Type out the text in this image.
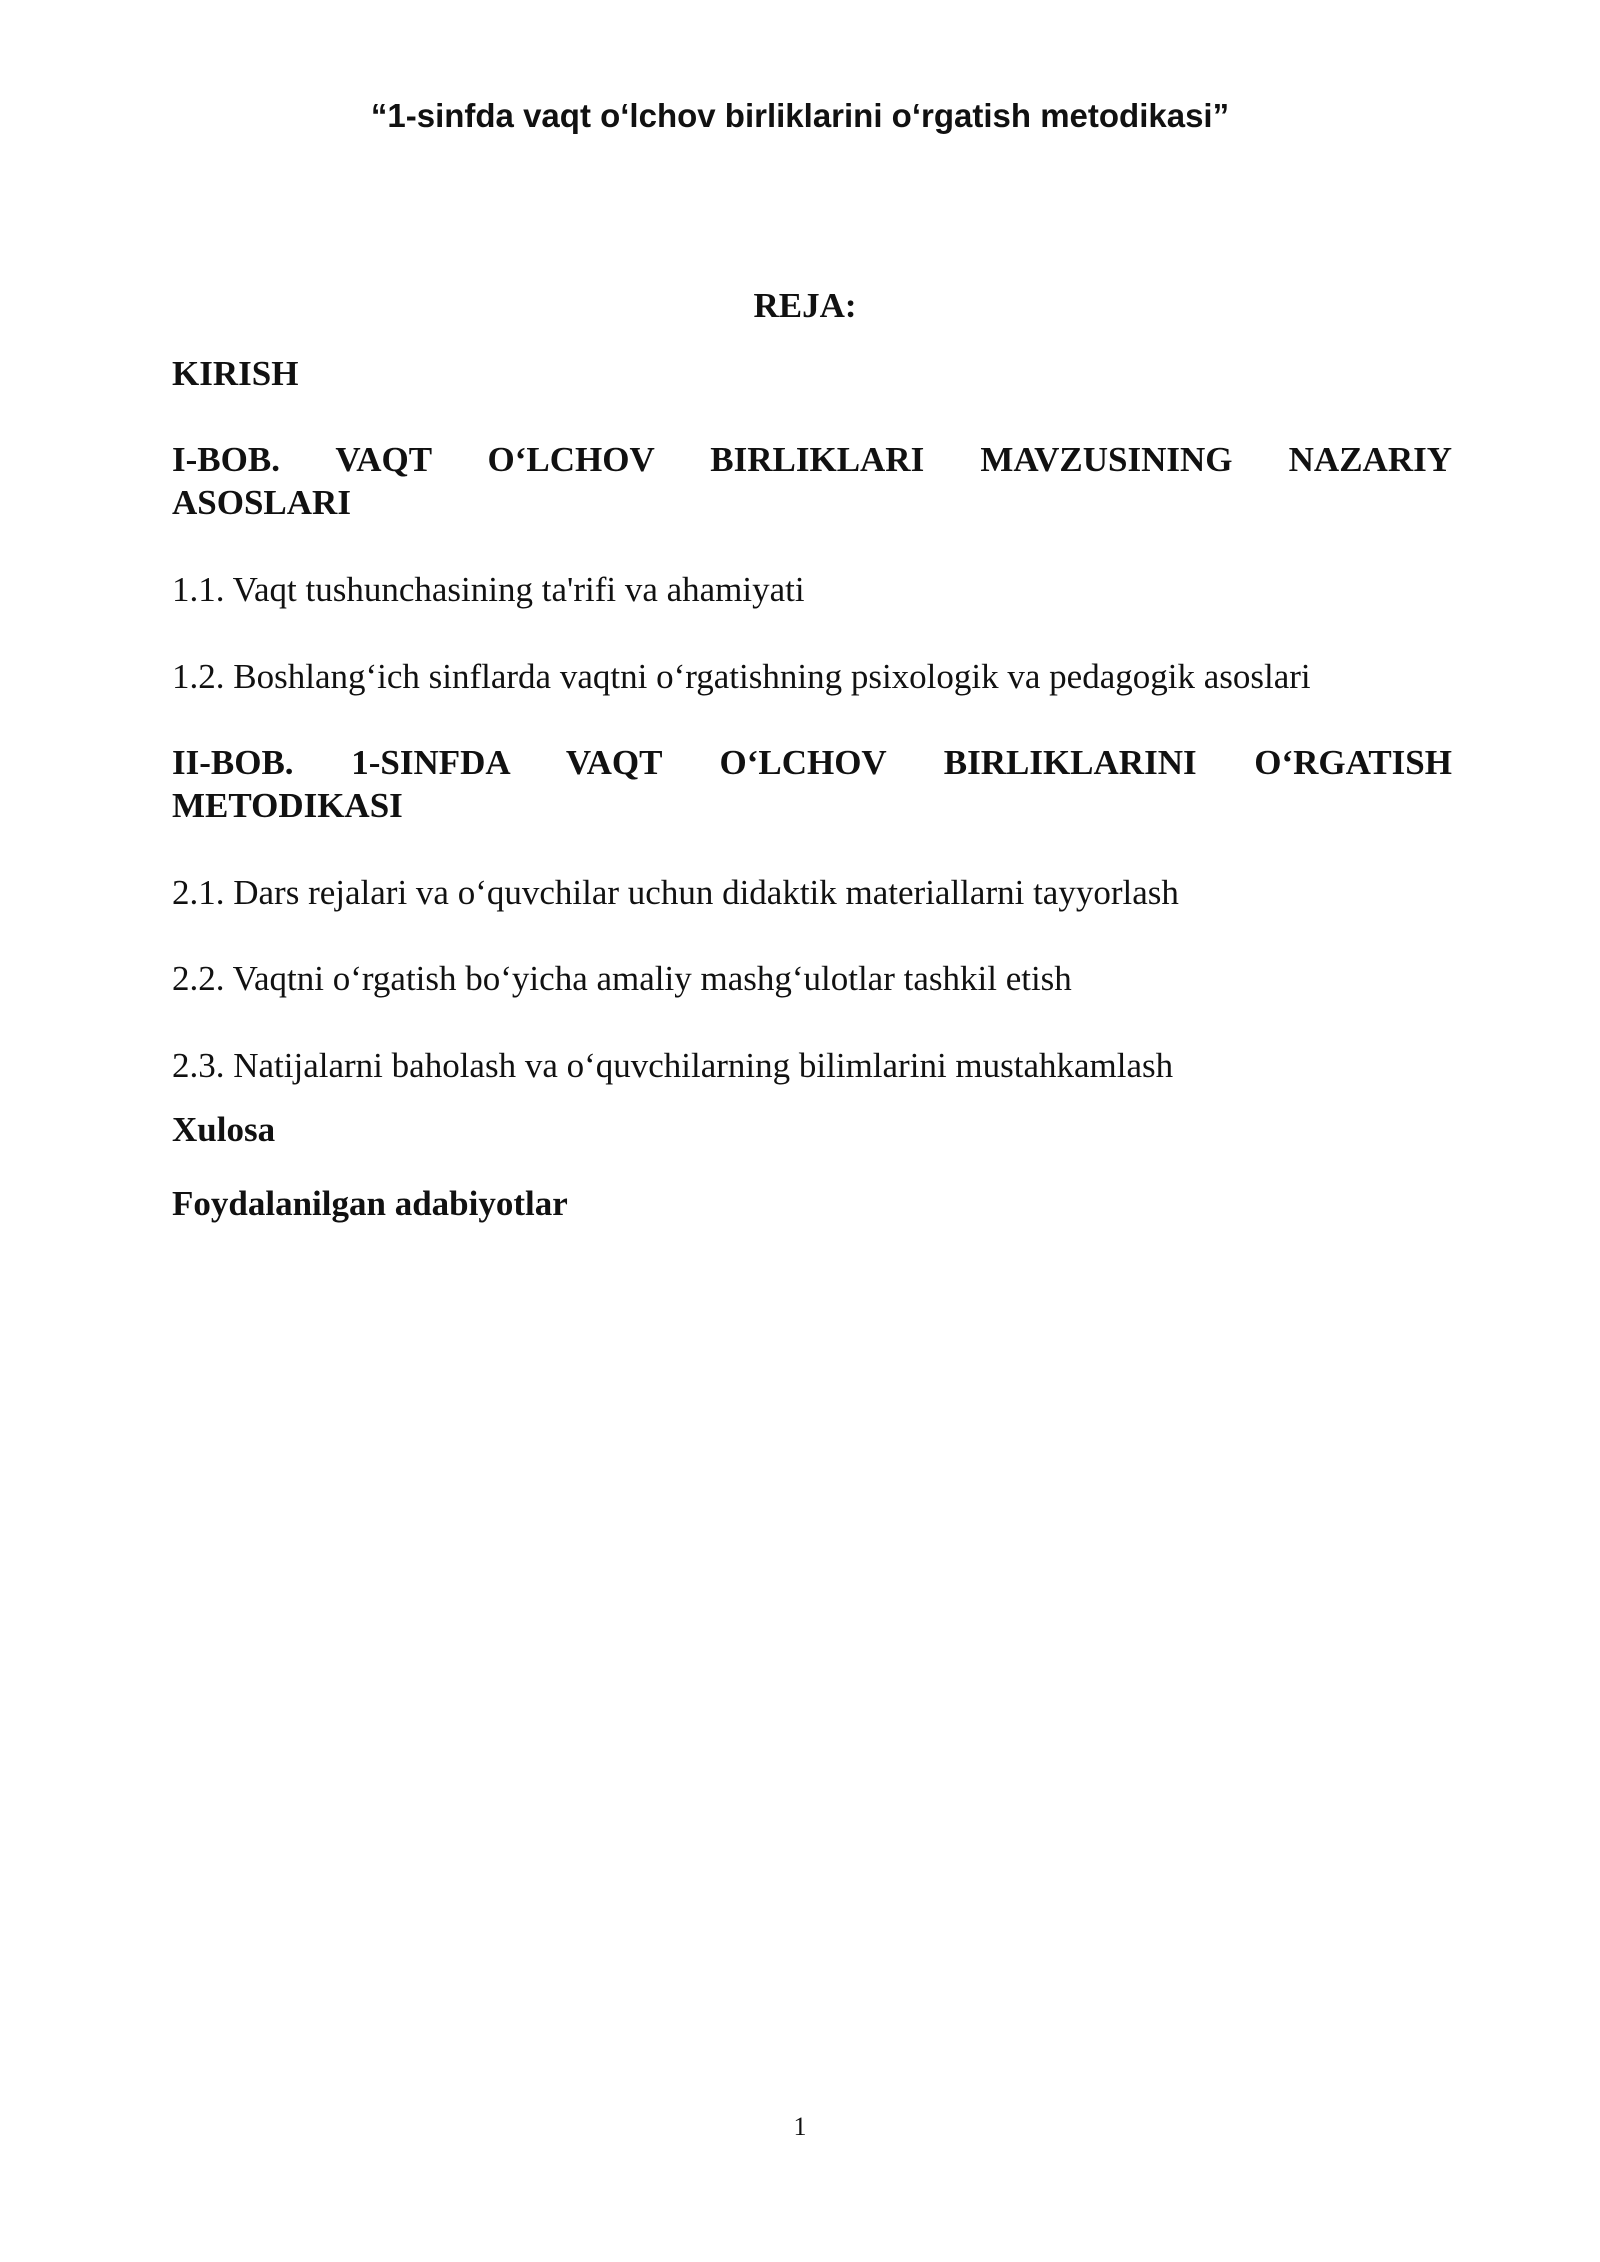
“1-sinfda vaqt o‘lchov birliklarini o‘rgatish metodikasi”
REJA:
KIRISH
I-BOB. VAQT O‘LCHOV BIRLIKLARI MAVZUSINING NAZARIY
ASOSLARI
1.1. Vaqt tushunchasining ta'rifi va ahamiyati
1.2. Boshlang‘ich sinflarda vaqtni o‘rgatishning psixologik va pedagogik asoslari
II-BOB. 1-SINFDA VAQT O‘LCHOV BIRLIKLARINI O‘RGATISH
METODIKASI
2.1. Dars rejalari va o‘quvchilar uchun didaktik materiallarni tayyorlash
2.2. Vaqtni o‘rgatish bo‘yicha amaliy mashg‘ulotlar tashkil etish
2.3. Natijalarni baholash va o‘quvchilarning bilimlarini mustahkamlash
Xulosa
Foydalanilgan adabiyotlar
1
